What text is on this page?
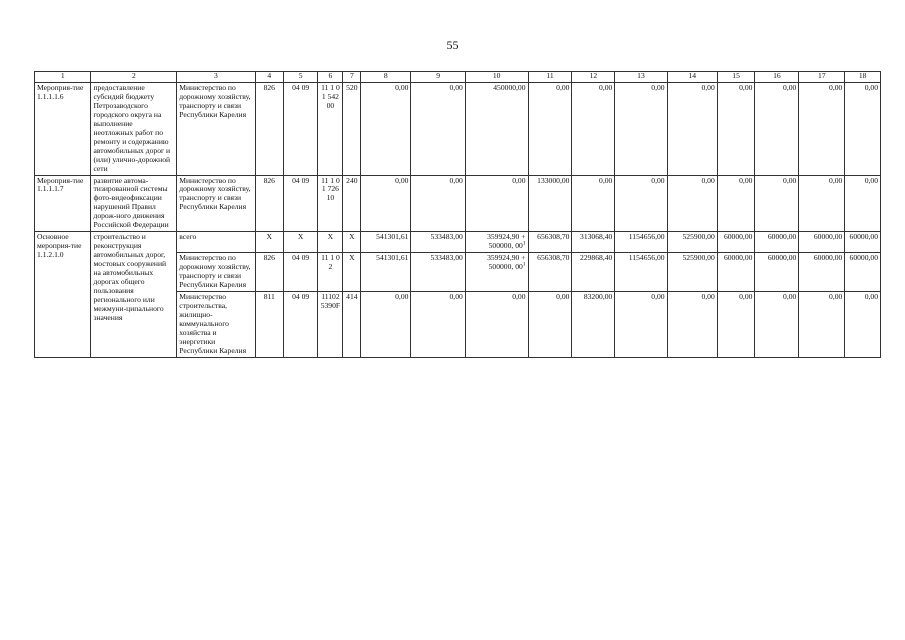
55
1	2	3	4	5	6	7	8	9	10	11	12	13	14	15	16	17	18
Мероприя-тие 1.1.1.1.6	предоставление субсидий бюджету Петрозаводского городского округа на выполнение неотложных работ по ремонту и содержанию автомобильных дорог и (или) улично-дорожной сети	Министерство по дорожному хозяйству, транспорту и связи Республики Карелия	826	04 09	11 1 01 54200	520	0,00	0,00	450000,00	0,00	0,00	0,00	0,00	0,00	0,00	0,00	0,00
Мероприя-тие 1.1.1.1.7	развитие автома-тизированной системы фото-видеофиксации нарушений Правил дорож-ного движения Российской Федерации	Министерство по дорожному хозяйству, транспорту и связи Республики Карелия	826	04 09	11 1 01 72610	240	0,00	0,00	0,00	133000,00	0,00	0,00	0,00	0,00	0,00	0,00	0,00
Основное мероприя-тие 1.1.2.1.0	строительство и реконструкция автомобильных дорог, мостовых сооружений на автомобильных дорогах общего пользования регионального или межмуни-ципального значения	всего	X	X	X	X	541301,61	533483,00	359924,90 + 500000, 00$^1$	656308,70	313068,40	1154656,00	525900,00	60000,00	60000,00	60000,00	60000,00
		Министерство по дорожному хозяйству, транспорту и связи Республики Карелия	826	04 09	11 1 02	X	541301,61	533483,00	359924,90 + 500000, 00$^1$	656308,70	229868,40	1154656,00	525900,00	60000,00	60000,00	60000,00	60000,00
		Министерство строительства, жилищно-коммунального хозяйства и энергетики Республики Карелия	811	04 09	11102 5390F	414	0,00	0,00	0,00	0,00	83200,00	0,00	0,00	0,00	0,00	0,00	0,00
